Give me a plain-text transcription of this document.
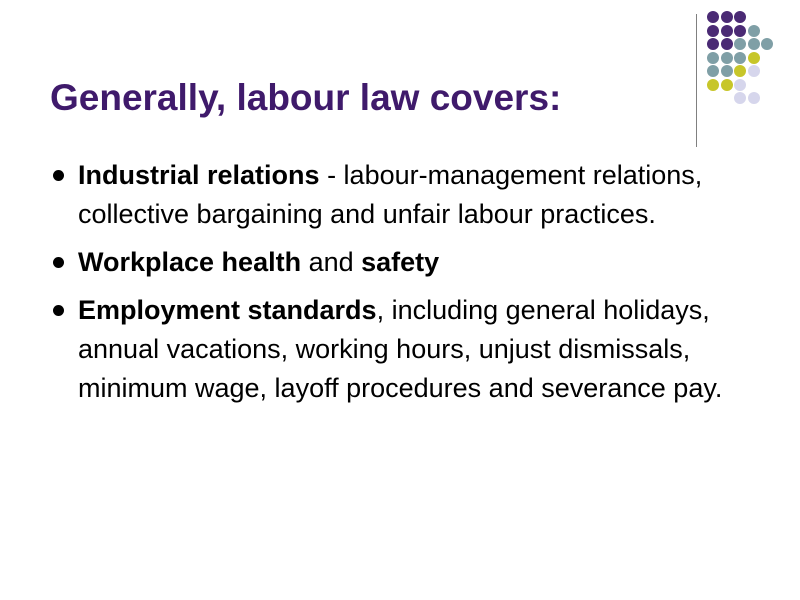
Generally, labour law covers:
Industrial relations - labour-management relations, collective bargaining and unfair labour practices.
Workplace health and safety
Employment standards, including general holidays, annual vacations, working hours, unjust dismissals, minimum wage, layoff procedures and severance pay.
